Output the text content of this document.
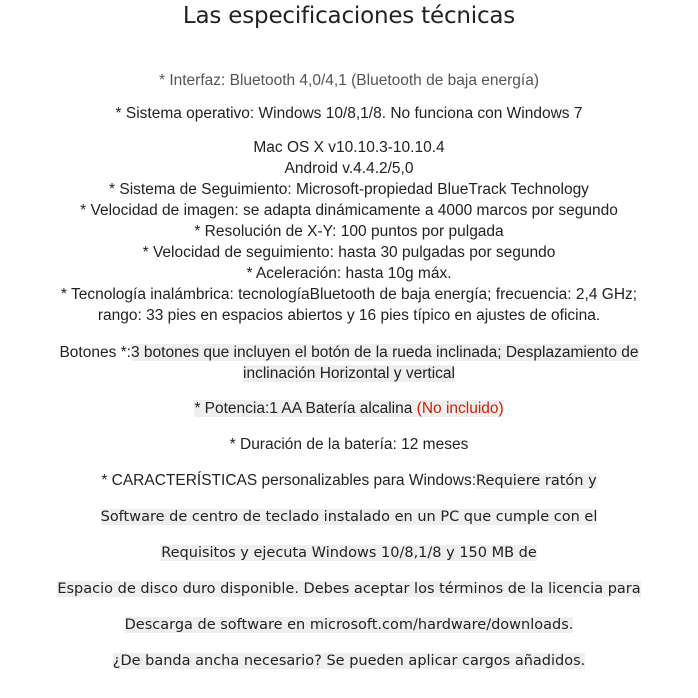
Las especificaciones técnicas
* Interfaz: Bluetooth 4,0/4,1 (Bluetooth de baja energía)
* Sistema operativo: Windows 10/8,1/8. No funciona con Windows 7
Mac OS X v10.10.3-10.10.4
Android v.4.4.2/5,0
* Sistema de Seguimiento: Microsoft-propiedad BlueTrack Technology
* Velocidad de imagen: se adapta dinámicamente a 4000 marcos por segundo
* Resolución de X-Y: 100 puntos por pulgada
* Velocidad de seguimiento: hasta 30 pulgadas por segundo
* Aceleración: hasta 10g máx.
* Tecnología inalámbrica: tecnologíaBluetooth de baja energía; frecuencia: 2,4 GHz;
rango: 33 pies en espacios abiertos y 16 pies típico en ajustes de oficina.
Botones *:3 botones que incluyen el botón de la rueda inclinada; Desplazamiento de
inclinación Horizontal y vertical
* Potencia:1 AA Batería alcalina (No incluido)
* Duración de la batería: 12 meses
* CARACTERÍSTICAS personalizables para Windows:Requiere ratón y
Software de centro de teclado instalado en un PC que cumple con el
Requisitos y ejecuta Windows 10/8,1/8 y 150 MB de
Espacio de disco duro disponible. Debes aceptar los términos de la licencia para
Descarga de software en microsoft.com/hardware/downloads.
¿De banda ancha necesario? Se pueden aplicar cargos añadidos.
